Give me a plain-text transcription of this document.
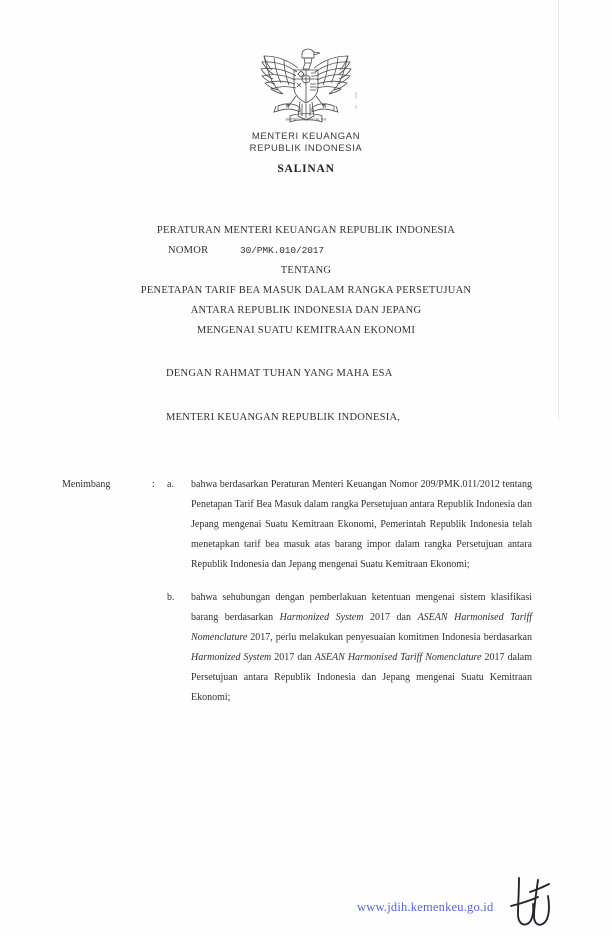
BHINNEKA TUNGGAL IKA
MENTERI KEUANGAN
REPUBLIK INDONESIA
SALINAN
PERATURAN MENTERI KEUANGAN REPUBLIK INDONESIA
NOMOR	30/PMK.010/2017
TENTANG
PENETAPAN TARIF BEA MASUK DALAM RANGKA PERSETUJUAN
ANTARA REPUBLIK INDONESIA DAN JEPANG
MENGENAI SUATU KEMITRAAN EKONOMI
DENGAN RAHMAT TUHAN YANG MAHA ESA
MENTERI KEUANGAN REPUBLIK INDONESIA,
Menimbang	: a. bahwa berdasarkan Peraturan Menteri Keuangan Nomor 209/PMK.011/2012 tentang Penetapan Tarif Bea Masuk dalam rangka Persetujuan antara Republik Indonesia dan Jepang mengenai Suatu Kemitraan Ekonomi, Pemerintah Republik Indonesia telah menetapkan tarif bea masuk atas barang impor dalam rangka Persetujuan antara Republik Indonesia dan Jepang mengenai Suatu Kemitraan Ekonomi;
b. bahwa sehubungan dengan pemberlakuan ketentuan mengenai sistem klasifikasi barang berdasarkan Harmonized System 2017 dan ASEAN Harmonised Tariff Nomenclature 2017, perlu melakukan penyesuaian komitmen Indonesia berdasarkan Harmonized System 2017 dan ASEAN Harmonised Tariff Nomenclature 2017 dalam Persetujuan antara Republik Indonesia dan Jepang mengenai Suatu Kemitraan Ekonomi;
www.jdih.kemenkeu.go.id
